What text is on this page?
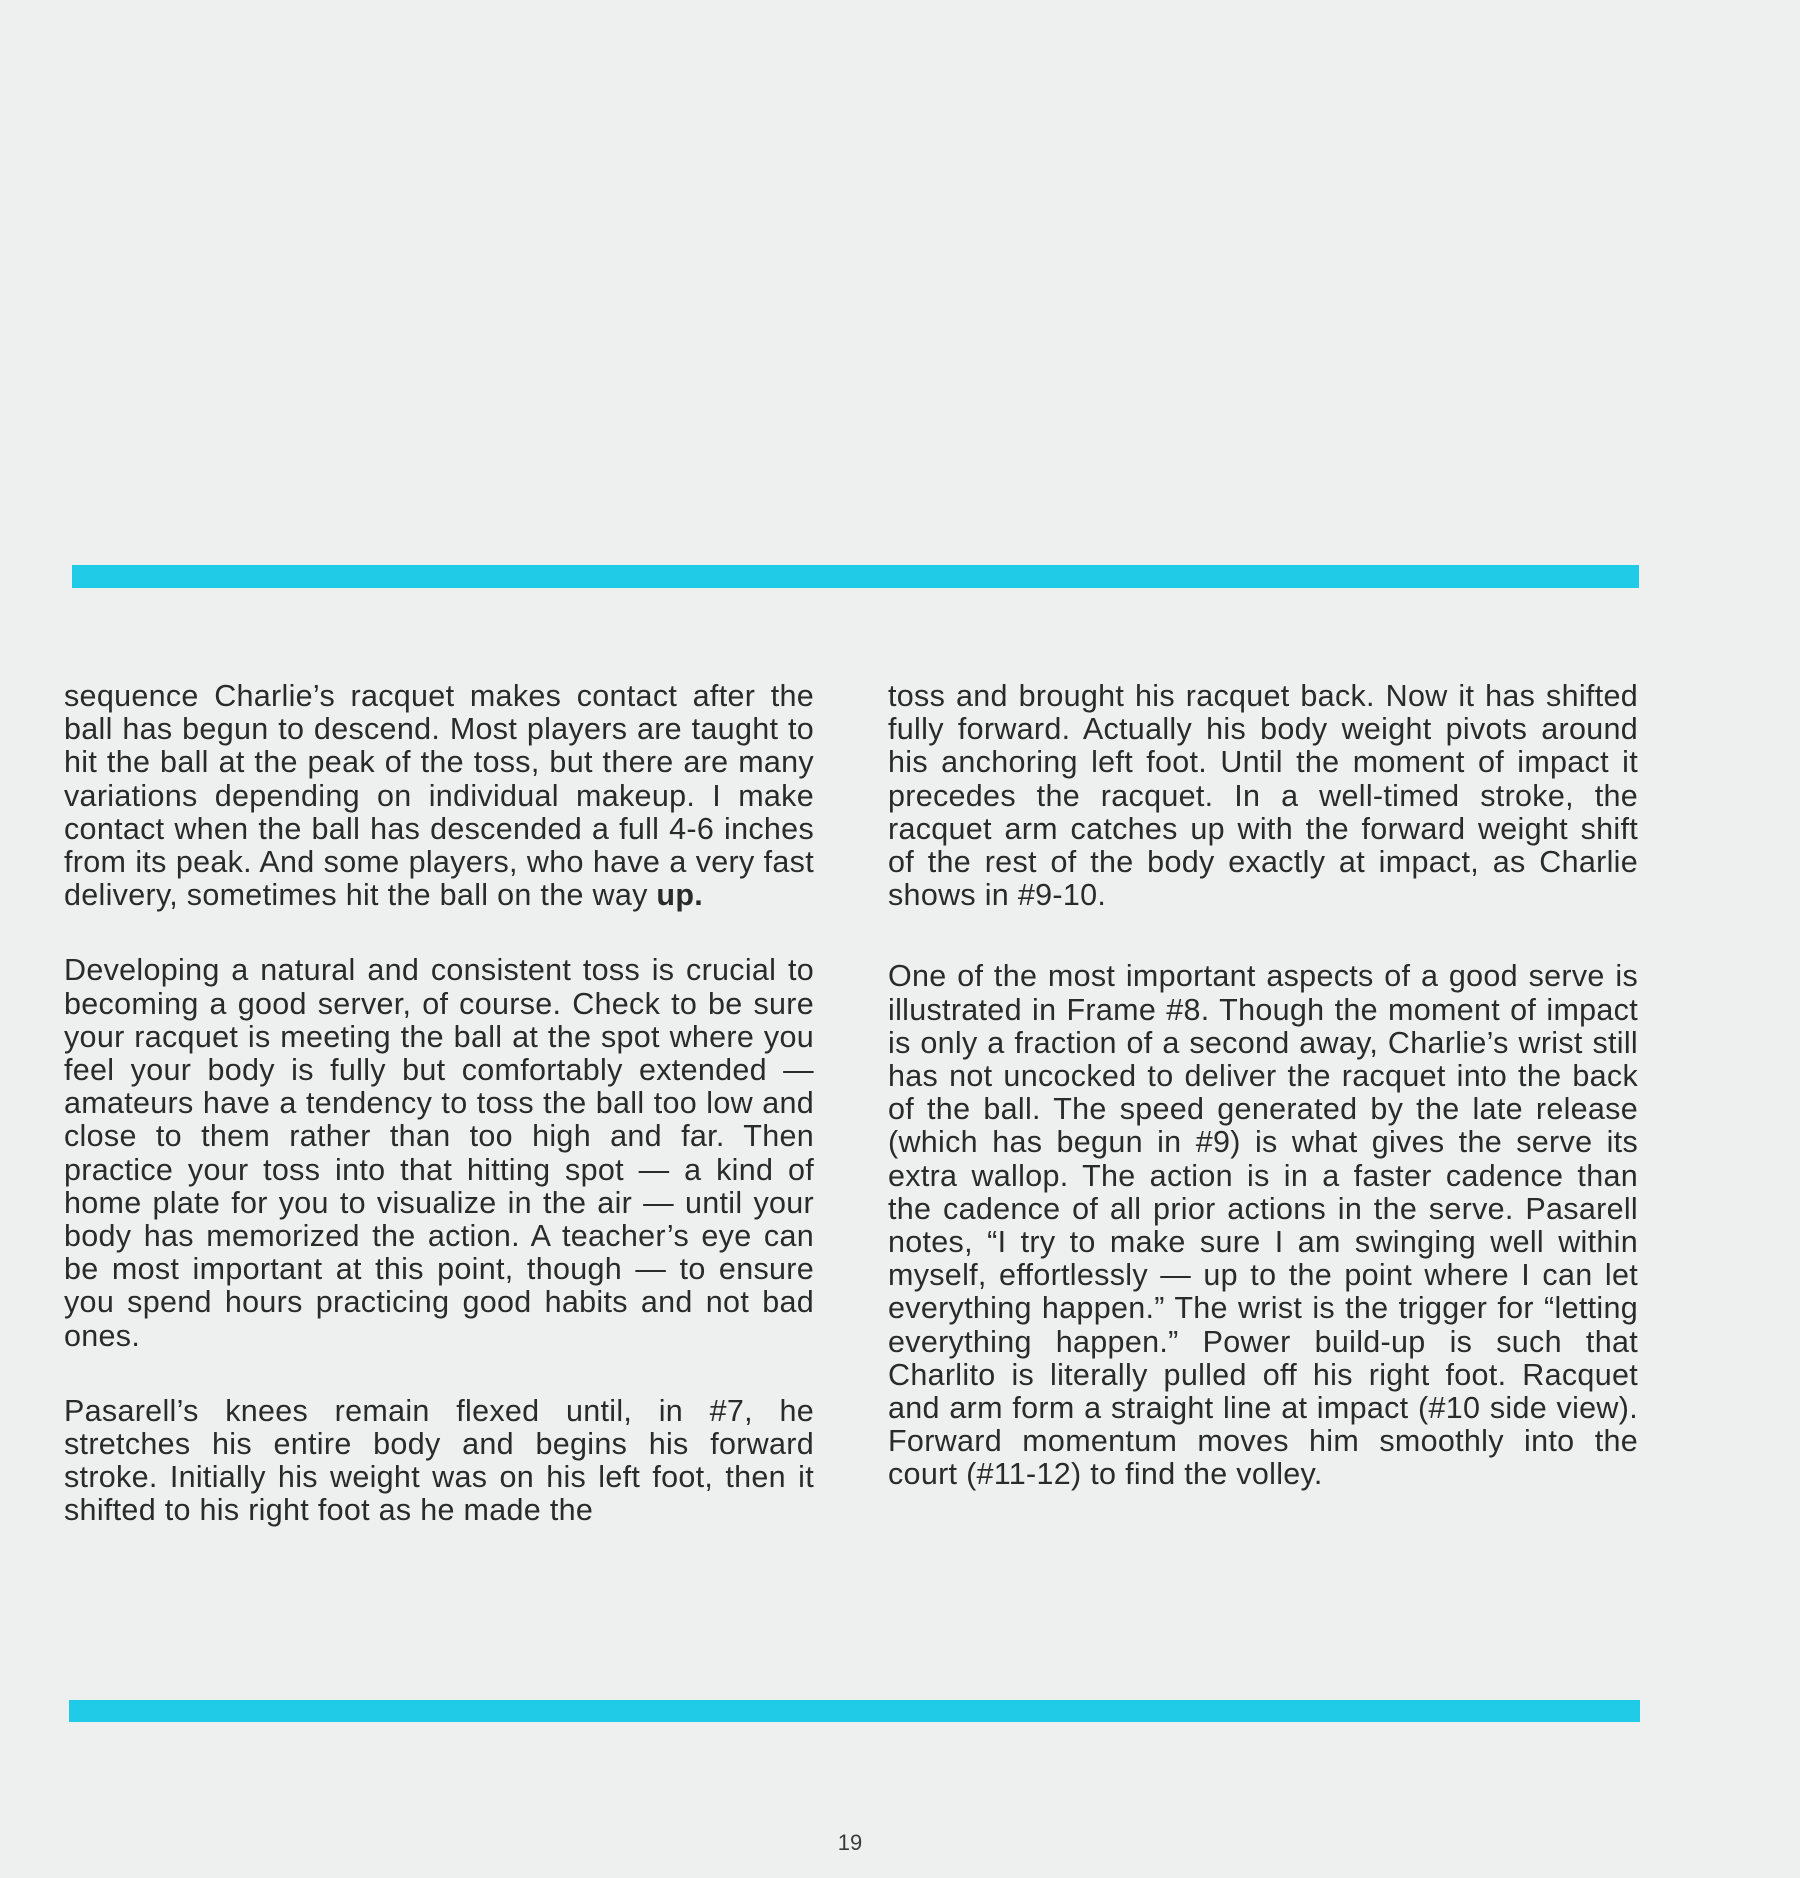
sequence Charlie’s racquet makes contact after the ball has begun to descend. Most players are taught to hit the ball at the peak of the toss, but there are many variations depending on individual makeup. I make contact when the ball has descended a full 4-6 inches from its peak. And some players, who have a very fast delivery, sometimes hit the ball on the way up.

Developing a natural and consistent toss is crucial to becoming a good server, of course. Check to be sure your racquet is meeting the ball at the spot where you feel your body is fully but comfortably extended — amateurs have a tendency to toss the ball too low and close to them rather than too high and far. Then practice your toss into that hitting spot — a kind of home plate for you to visualize in the air — until your body has memorized the action. A teacher’s eye can be most important at this point, though — to ensure you spend hours practicing good habits and not bad ones.

Pasarell’s knees remain flexed until, in #7, he stretches his entire body and begins his forward stroke. Initially his weight was on his left foot, then it shifted to his right foot as he made the

toss and brought his racquet back. Now it has shifted fully forward. Actually his body weight pivots around his anchoring left foot. Until the moment of impact it precedes the racquet. In a well-timed stroke, the racquet arm catches up with the forward weight shift of the rest of the body exactly at impact, as Charlie shows in #9-10.

One of the most important aspects of a good serve is illustrated in Frame #8. Though the moment of impact is only a fraction of a second away, Charlie’s wrist still has not uncocked to deliver the racquet into the back of the ball. The speed generated by the late release (which has begun in #9) is what gives the serve its extra wallop. The action is in a faster cadence than the cadence of all prior actions in the serve. Pasarell notes, “I try to make sure I am swinging well within myself, effortlessly — up to the point where I can let everything happen.” The wrist is the trigger for “letting everything happen.” Power build-up is such that Charlito is literally pulled off his right foot. Racquet and arm form a straight line at impact (#10 side view). Forward momentum moves him smoothly into the court (#11-12) to find the volley.

19
